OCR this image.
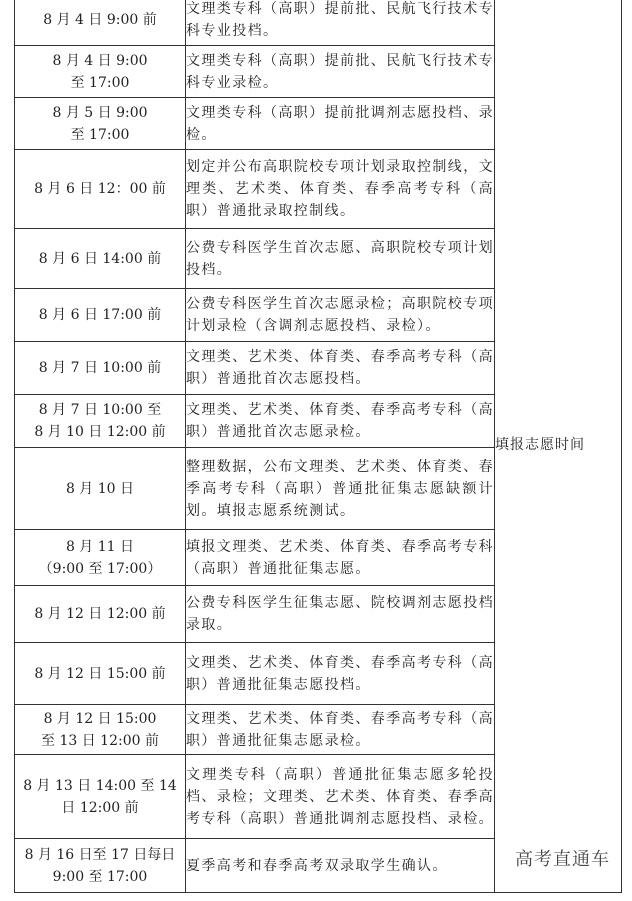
8 月 4 日 9:00 前	文理类专科（高职）提前批、民航飞行技术专科专业投档。	填报志愿时间
8 月 4 日 9:00
至 17:00	文理类专科（高职）提前批、民航飞行技术专科专业录检。	
8 月 5 日 9:00
至 17:00	文理类专科（高职）提前批调剂志愿投档、录检。	
8 月 6 日 12：00 前	划定并公布高职院校专项计划录取控制线，文理类、艺术类、体育类、春季高考专科（高职）普通批录取控制线。	
8 月 6 日 14:00 前	公费专科医学生首次志愿、高职院校专项计划投档。	
8 月 6 日 17:00 前	公费专科医学生首次志愿录检；高职院校专项计划录检（含调剂志愿投档、录检）。	
8 月 7 日 10:00 前	文理类、艺术类、体育类、春季高考专科（高职）普通批首次志愿投档。	
8 月 7 日 10:00 至
8 月 10 日 12:00 前	文理类、艺术类、体育类、春季高考专科（高职）普通批首次志愿录检。	
8 月 10 日	整理数据，公布文理类、艺术类、体育类、春季高考专科（高职）普通批征集志愿缺额计划。填报志愿系统测试。	
8 月 11 日
（9:00 至 17:00）	填报文理类、艺术类、体育类、春季高考专科（高职）普通批征集志愿。	
8 月 12 日 12:00 前	公费专科医学生征集志愿、院校调剂志愿投档录取。	
8 月 12 日 15:00 前	文理类、艺术类、体育类、春季高考专科（高职）普通批征集志愿投档。	
8 月 12 日 15:00
至 13 日 12:00 前	文理类、艺术类、体育类、春季高考专科（高职）普通批征集志愿录检。	
8 月 13 日 14:00 至 14
日 12:00 前	文理类专科（高职）普通批征集志愿多轮投档、录检；文理类、艺术类、体育类、春季高考专科（高职）普通批调剂志愿投档、录检。	
8 月 16 日至 17 日每日
9:00 至 17:00	夏季高考和春季高考双录取学生确认。		高考直通车
